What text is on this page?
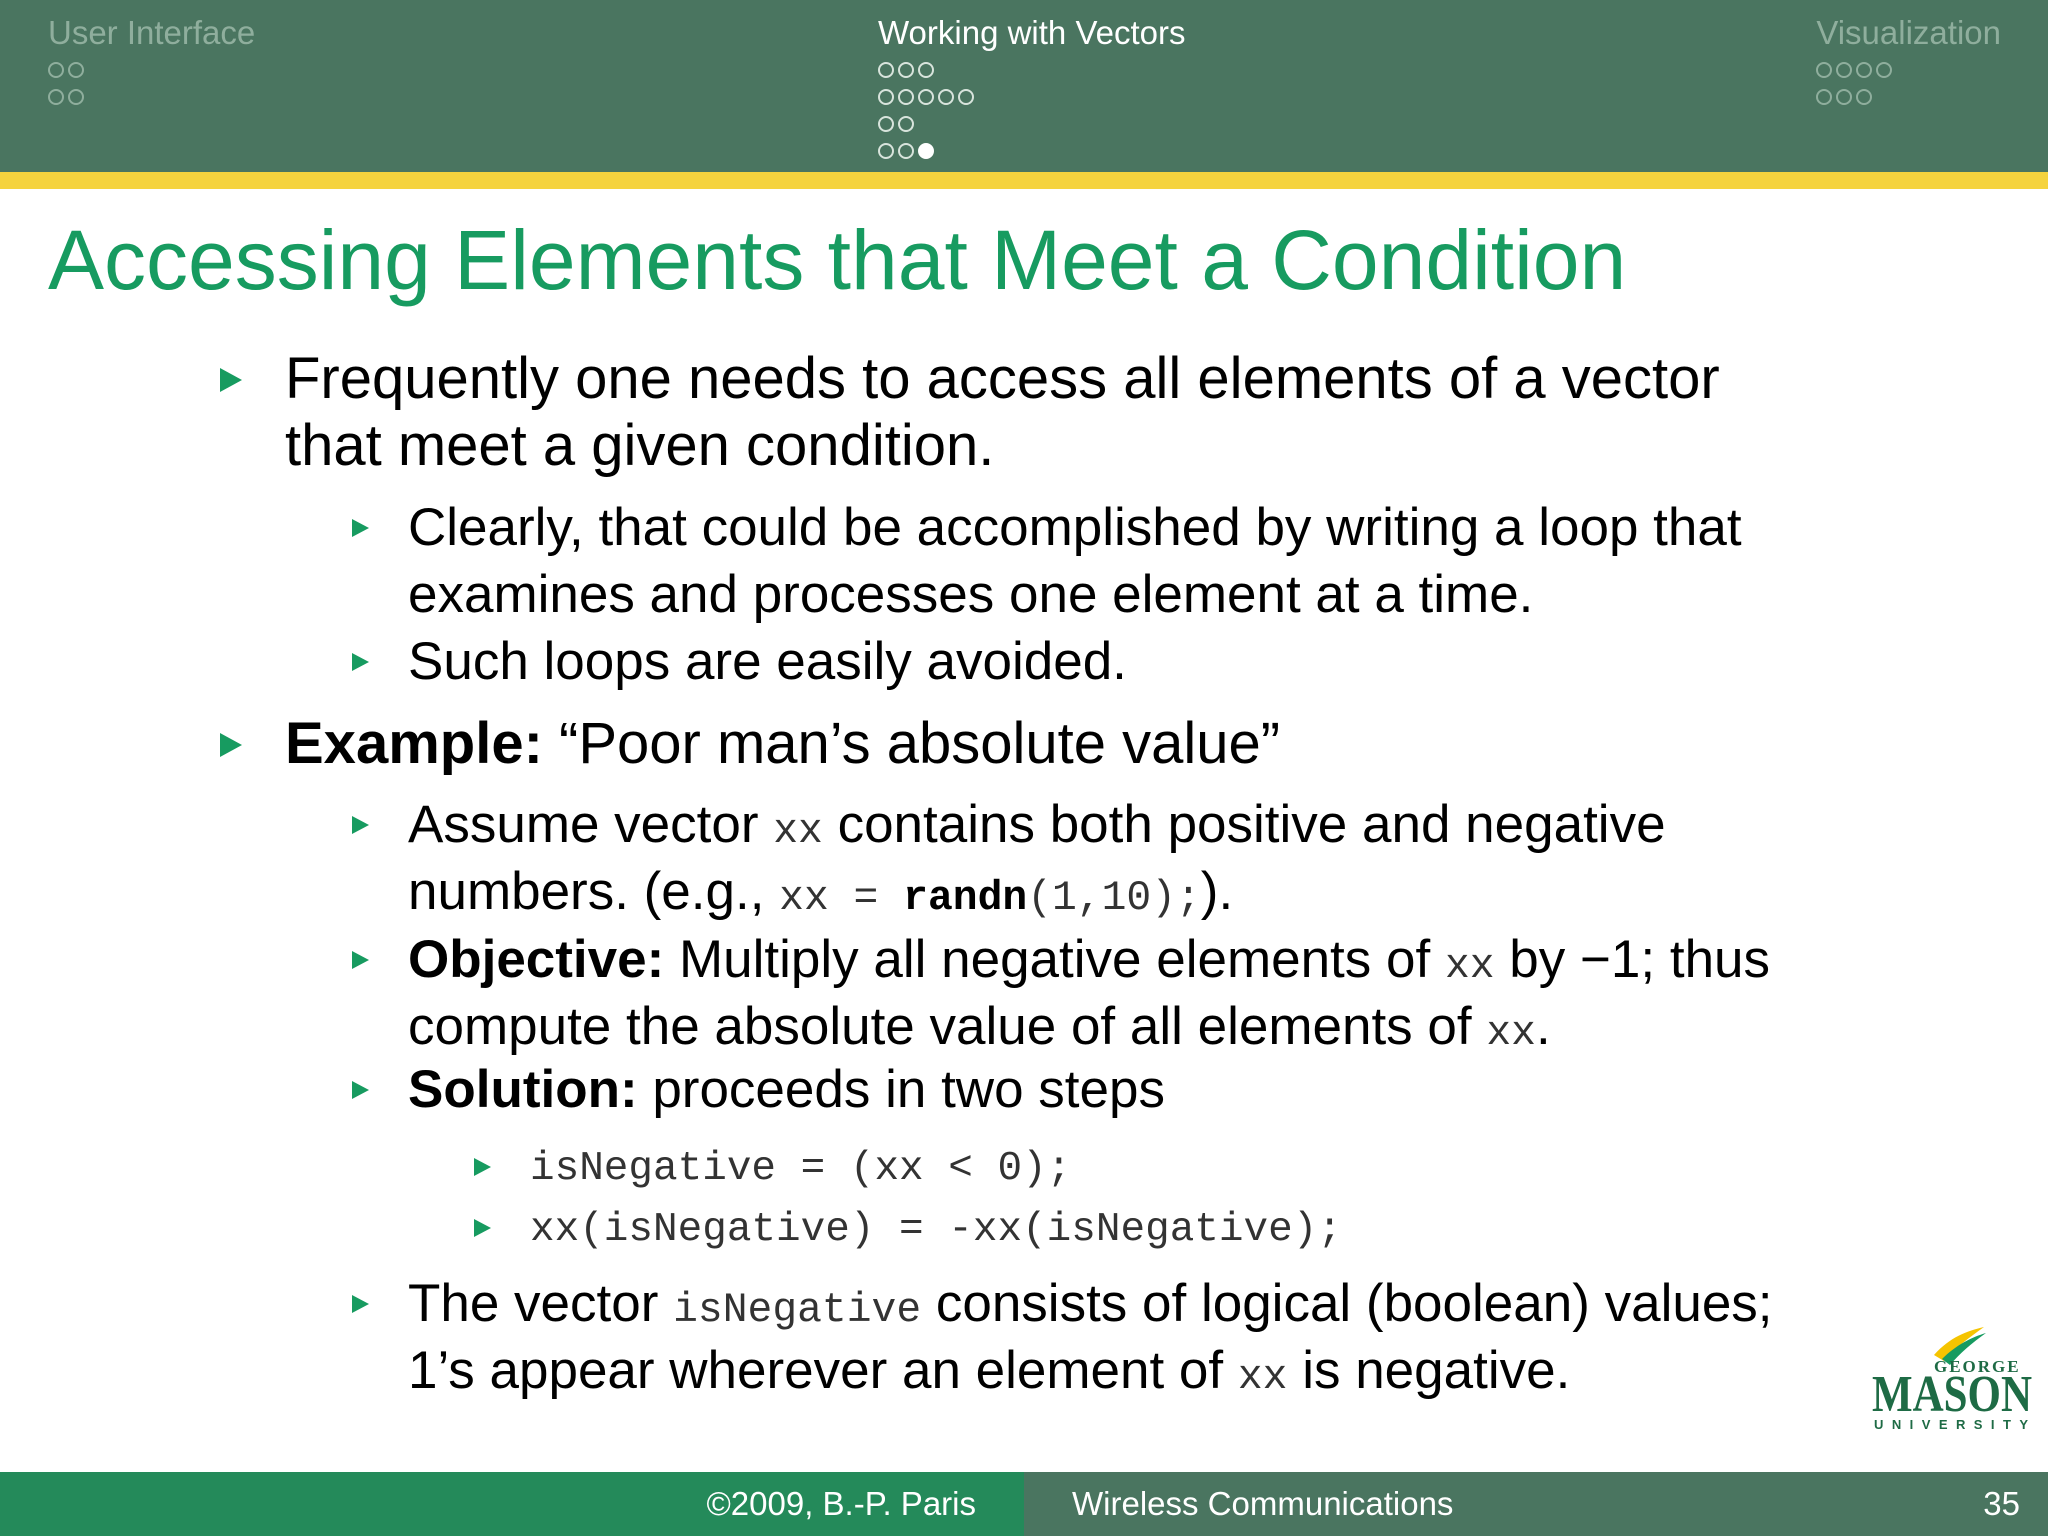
User Interface	Working with Vectors	Visualization
Accessing Elements that Meet a Condition
Frequently one needs to access all elements of a vector
that meet a given condition.
Clearly, that could be accomplished by writing a loop that
examines and processes one element at a time.
Such loops are easily avoided.
Example: “Poor man’s absolute value”
Assume vector xx contains both positive and negative
numbers. (e.g., xx = randn(1,10);).
Objective: Multiply all negative elements of xx by −1; thus
compute the absolute value of all elements of xx.
Solution: proceeds in two steps
isNegative = (xx < 0);
xx(isNegative) = -xx(isNegative);
The vector isNegative consists of logical (boolean) values;
1’s appear wherever an element of xx is negative.	GEORGE
MASON
UNIVERSITY
©2009, B.-P. Paris	Wireless Communications	35
